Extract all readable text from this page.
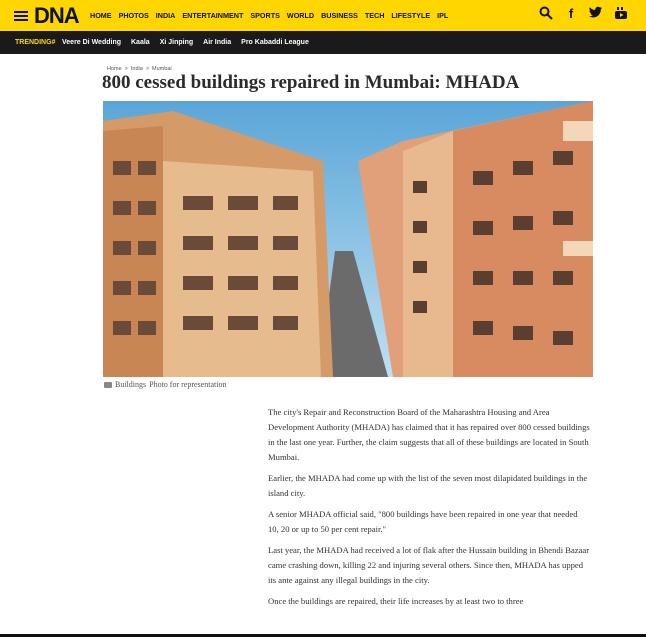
DNA HOME PHOTOS INDIA ENTERTAINMENT SPORTS WORLD BUSINESS TECH LIFESTYLE IPL	f
TRENDING# Veere Di Wedding Kaala Xi Jinping Air India Pro Kabaddi League
Home > India > Mumbai
800 cessed buildings repaired in Mumbai: MHADA
Buildings Photo for representation

The city's Repair and Reconstruction Board of the Maharashtra Housing and Area Development Authority (MHADA) has claimed that it has repaired over 800 cessed buildings in the last one year. Further, the claim suggests that all of these buildings are located in South Mumbai.

Earlier, the MHADA had come up with the list of the seven most dilapidated buildings in the island city.

A senior MHADA official said, "800 buildings have been repaired in one year that needed 10, 20 or up to 50 per cent repair."

Last year, the MHADA had received a lot of flak after the Hussain building in Bhendi Bazaar came crashing down, killing 22 and injuring several others. Since then, MHADA has upped its ante against any illegal buildings in the city.

Once the buildings are repaired, their life increases by at least two to three
